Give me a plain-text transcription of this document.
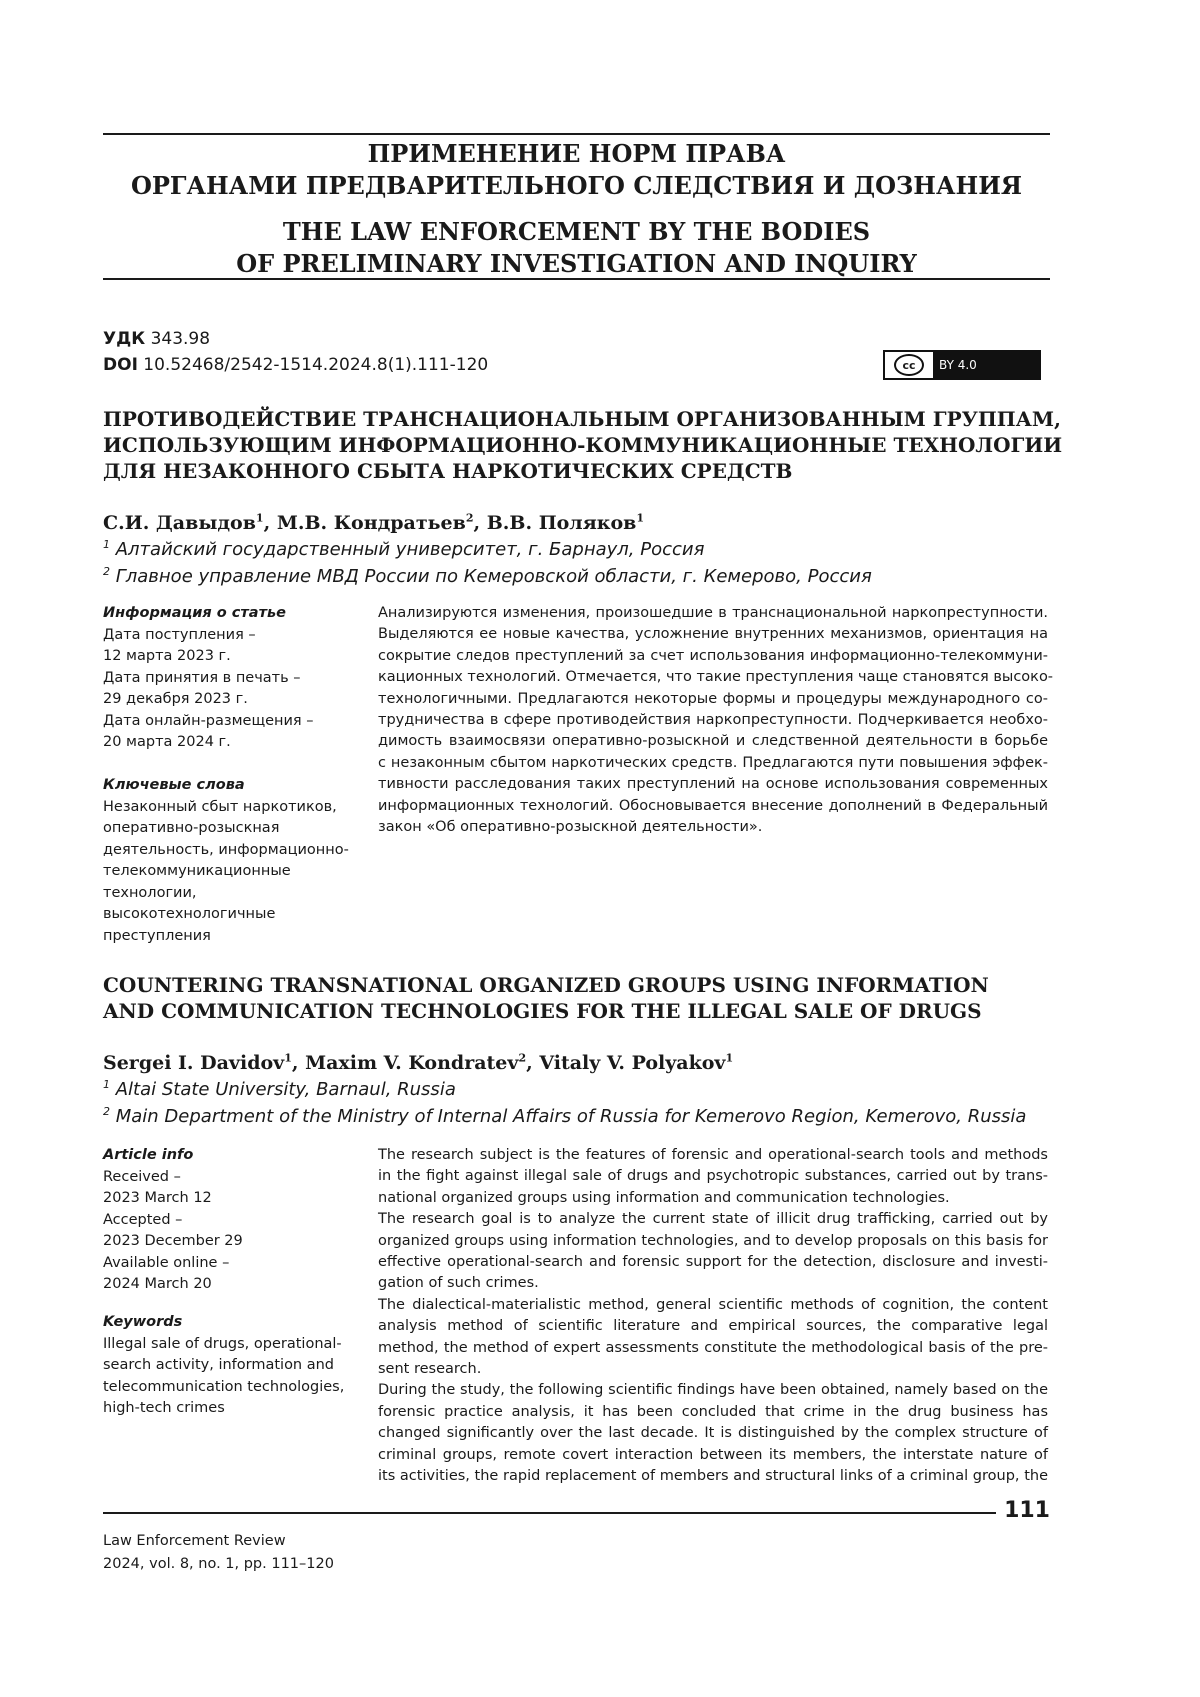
ПРИМЕНЕНИЕ НОРМ ПРАВА
ОРГАНАМИ ПРЕДВАРИТЕЛЬНОГО СЛЕДСТВИЯ И ДОЗНАНИЯ
THE LAW ENFORCEMENT BY THE BODIES
OF PRELIMINARY INVESTIGATION AND INQUIRY
УДК 343.98
DOI 10.52468/2542-1514.2024.8(1).111-120	cc	BY 4.0
ПРОТИВОДЕЙСТВИЕ ТРАНСНАЦИОНАЛЬНЫМ ОРГАНИЗОВАННЫМ ГРУППАМ,
ИСПОЛЬЗУЮЩИМ ИНФОРМАЦИОННО-КОММУНИКАЦИОННЫЕ ТЕХНОЛОГИИ
ДЛЯ НЕЗАКОННОГО СБЫТА НАРКОТИЧЕСКИХ СРЕДСТВ
С.И. Давыдов1, М.В. Кондратьев2, В.В. Поляков1
1 Алтайский государственный университет, г. Барнаул, Россия
2 Главное управление МВД России по Кемеровской области, г. Кемерово, Россия
Информация о статье
Дата поступления –
12 марта 2023 г.
Дата принятия в печать –
29 декабря 2023 г.
Дата онлайн-размещения –
20 марта 2024 г.
Ключевые слова
Незаконный сбыт наркотиков,
оперативно-розыскная
деятельность, информационно-
телекоммуникационные
технологии,
высокотехнологичные
преступления
Анализируются изменения, произошедшие в транснациональной наркопреступности.
Выделяются ее новые качества, усложнение внутренних механизмов, ориентация на
сокрытие следов преступлений за счет использования информационно-телекоммуни-
кационных технологий. Отмечается, что такие преступления чаще становятся высоко-
технологичными. Предлагаются некоторые формы и процедуры международного со-
трудничества в сфере противодействия наркопреступности. Подчеркивается необхо-
димость взаимосвязи оперативно-розыскной и следственной деятельности в борьбе
с незаконным сбытом наркотических средств. Предлагаются пути повышения эффек-
тивности расследования таких преступлений на основе использования современных
информационных технологий. Обосновывается внесение дополнений в Федеральный
закон «Об оперативно-розыскной деятельности».
COUNTERING TRANSNATIONAL ORGANIZED GROUPS USING INFORMATION
AND COMMUNICATION TECHNOLOGIES FOR THE ILLEGAL SALE OF DRUGS
Sergei I. Davidov1, Maxim V. Kondratev2, Vitaly V. Polyakov1
1 Altai State University, Barnaul, Russia
2 Main Department of the Ministry of Internal Affairs of Russia for Kemerovo Region, Kemerovo, Russia
Article info
Received –
2023 March 12
Accepted –
2023 December 29
Available online –
2024 March 20
Keywords
Illegal sale of drugs, operational-
search activity, information and
telecommunication technologies,
high-tech crimes
The research subject is the features of forensic and operational-search tools and methods
in the fight against illegal sale of drugs and psychotropic substances, carried out by trans-
national organized groups using information and communication technologies.
The research goal is to analyze the current state of illicit drug trafficking, carried out by
organized groups using information technologies, and to develop proposals on this basis for
effective operational-search and forensic support for the detection, disclosure and investi-
gation of such crimes.
The dialectical-materialistic method, general scientific methods of cognition, the content
analysis method of scientific literature and empirical sources, the comparative legal
method, the method of expert assessments constitute the methodological basis of the pre-
sent research.
During the study, the following scientific findings have been obtained, namely based on the
forensic practice analysis, it has been concluded that crime in the drug business has
changed significantly over the last decade. It is distinguished by the complex structure of
criminal groups, remote covert interaction between its members, the interstate nature of
its activities, the rapid replacement of members and structural links of a criminal group, the
111
Law Enforcement Review
2024, vol. 8, no. 1, pp. 111–120
